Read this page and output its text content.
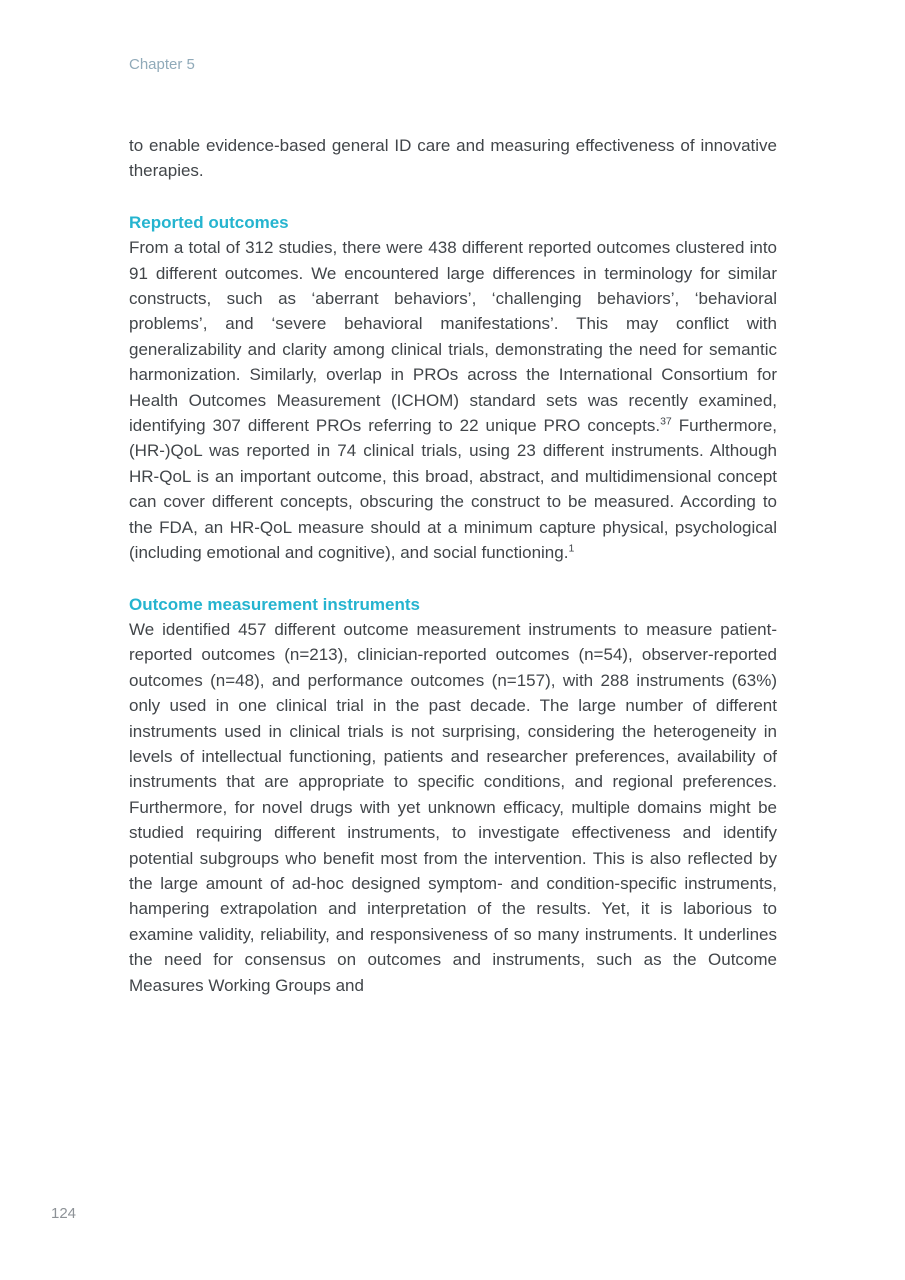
Chapter 5

to enable evidence-based general ID care and measuring effectiveness of innovative therapies.

Reported outcomes

From a total of 312 studies, there were 438 different reported outcomes clustered into 91 different outcomes. We encountered large differences in terminology for similar constructs, such as ‘aberrant behaviors’, ‘challenging behaviors’, ‘behavioral problems’, and ‘severe behavioral manifestations’. This may conflict with generalizability and clarity among clinical trials, demonstrating the need for semantic harmonization. Similarly, overlap in PROs across the International Consortium for Health Outcomes Measurement (ICHOM) standard sets was recently examined, identifying 307 different PROs referring to 22 unique PRO concepts.$^{37}$ Furthermore, (HR-)QoL was reported in 74 clinical trials, using 23 different instruments. Although HR-QoL is an important outcome, this broad, abstract, and multidimensional concept can cover different concepts, obscuring the construct to be measured. According to the FDA, an HR-QoL measure should at a minimum capture physical, psychological (including emotional and cognitive), and social functioning.$^1$

Outcome measurement instruments

We identified 457 different outcome measurement instruments to measure patient-reported outcomes (n=213), clinician-reported outcomes (n=54), observer-reported outcomes (n=48), and performance outcomes (n=157), with 288 instruments (63%) only used in one clinical trial in the past decade. The large number of different instruments used in clinical trials is not surprising, considering the heterogeneity in levels of intellectual functioning, patients and researcher preferences, availability of instruments that are appropriate to specific conditions, and regional preferences. Furthermore, for novel drugs with yet unknown efficacy, multiple domains might be studied requiring different instruments, to investigate effectiveness and identify potential subgroups who benefit most from the intervention. This is also reflected by the large amount of ad-hoc designed symptom- and condition-specific instruments, hampering extrapolation and interpretation of the results. Yet, it is laborious to examine validity, reliability, and responsiveness of so many instruments. It underlines the need for consensus on outcomes and instruments, such as the Outcome Measures Working Groups and

124
